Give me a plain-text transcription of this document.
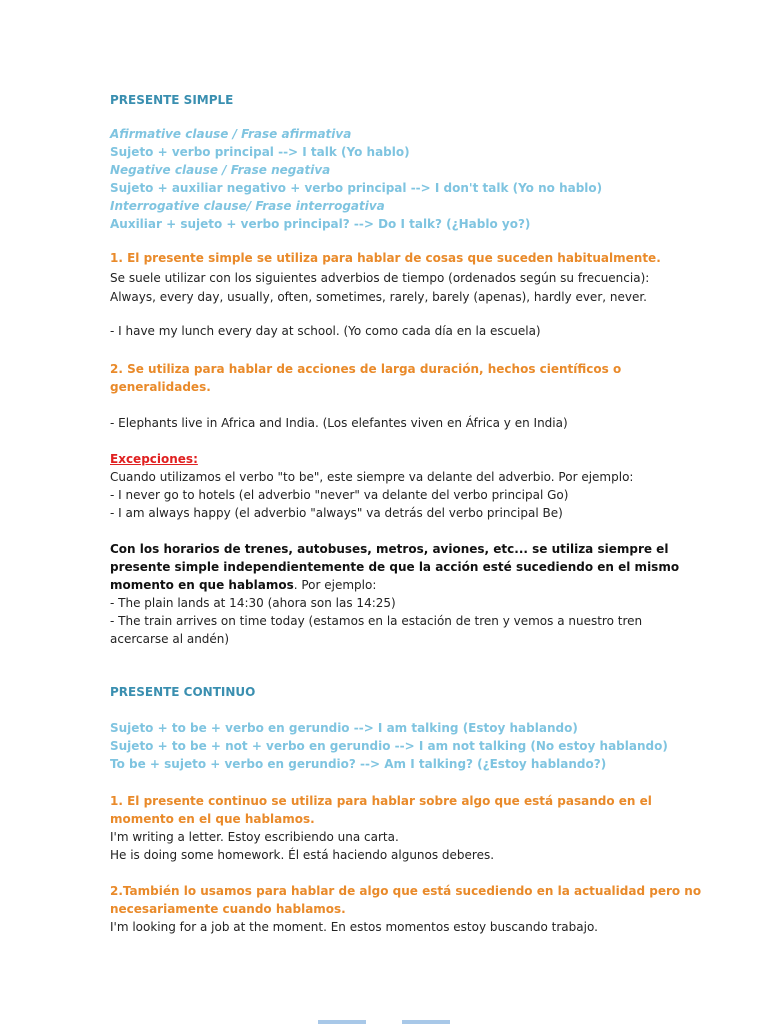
PRESENTE SIMPLE
Afirmative clause / Frase afirmativa
Sujeto + verbo principal --> I talk (Yo hablo)
Negative clause / Frase negativa
Sujeto + auxiliar negativo + verbo principal --> I don't talk (Yo no hablo)
Interrogative clause/ Frase interrogativa
Auxiliar + sujeto + verbo principal? --> Do I talk? (¿Hablo yo?)
1. El presente simple se utiliza para hablar de cosas que suceden habitualmente.
Se suele utilizar con los siguientes adverbios de tiempo (ordenados según su frecuencia):
Always, every day, usually, often, sometimes, rarely, barely (apenas), hardly ever, never.
- I have my lunch every day at school. (Yo como cada día en la escuela)
2. Se utiliza para hablar de acciones de larga duración, hechos científicos o
generalidades.
- Elephants live in Africa and India. (Los elefantes viven en África y en India)
Excepciones:
Cuando utilizamos el verbo "to be", este siempre va delante del adverbio. Por ejemplo:
- I never go to hotels (el adverbio "never" va delante del verbo principal Go)
- I am always happy (el adverbio "always" va detrás del verbo principal Be)
Con los horarios de trenes, autobuses, metros, aviones, etc... se utiliza siempre el
presente simple independientemente de que la acción esté sucediendo en el mismo
momento en que hablamos. Por ejemplo:
- The plain lands at 14:30 (ahora son las 14:25)
- The train arrives on time today (estamos en la estación de tren y vemos a nuestro tren
acercarse al andén)
PRESENTE CONTINUO
Sujeto + to be + verbo en gerundio --> I am talking (Estoy hablando)
Sujeto + to be + not + verbo en gerundio --> I am not talking (No estoy hablando)
To be + sujeto + verbo en gerundio? --> Am I talking? (¿Estoy hablando?)
1. El presente continuo se utiliza para hablar sobre algo que está pasando en el
momento en el que hablamos.
I'm writing a letter. Estoy escribiendo una carta.
He is doing some homework. Él está haciendo algunos deberes.
2.También lo usamos para hablar de algo que está sucediendo en la actualidad pero no
necesariamente cuando hablamos.
I'm looking for a job at the moment. En estos momentos estoy buscando trabajo.
